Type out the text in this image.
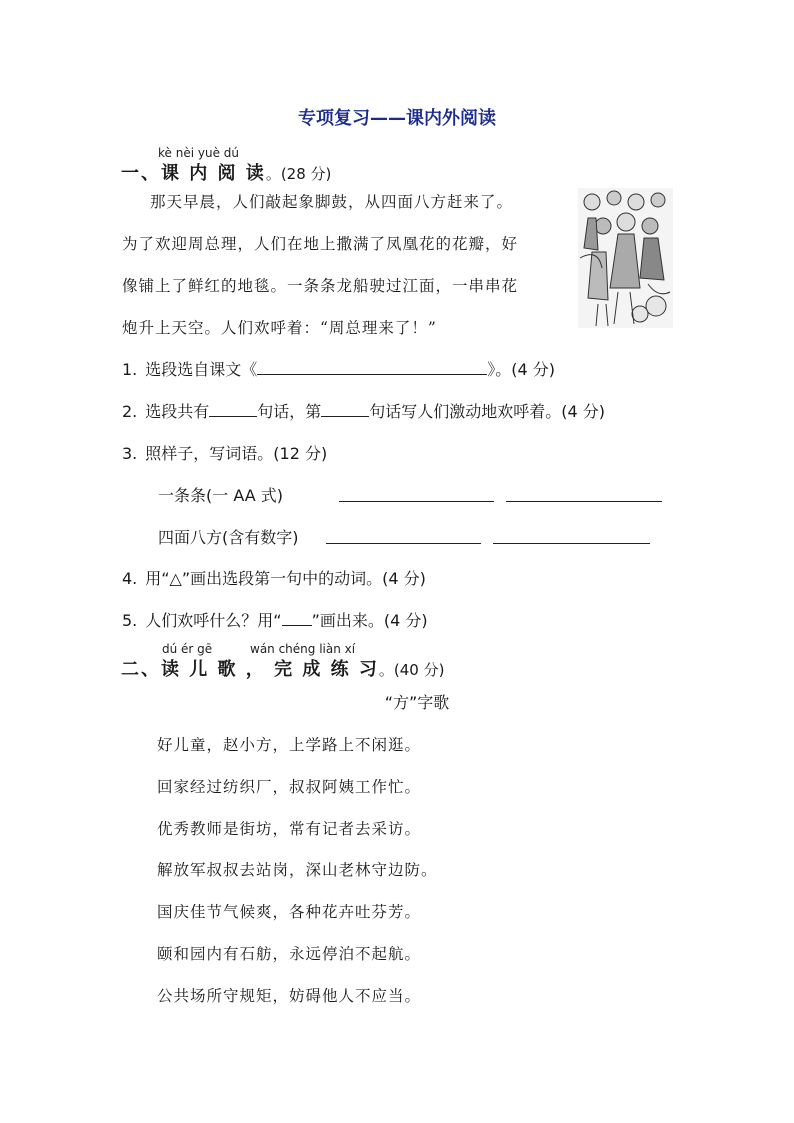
专项复习——课内外阅读
kè nèi yuè dú
一、课 内 阅 读。(28 分)
那天早晨，人们敲起象脚鼓，从四面八方赶来了。
为了欢迎周总理，人们在地上撒满了凤凰花的花瓣，好
像铺上了鲜红的地毯。一条条龙船驶过江面，一串串花
炮升上天空。人们欢呼着：“周总理来了！”
1. 选段选自课文《	》。(4 分)
2. 选段共有	句话，第	句话写人们激动地欢呼着。(4 分)
3. 照样子，写词语。(12 分)
一条条(一 AA 式)
四面八方(含有数字)
4. 用“△”画出选段第一句中的动词。(4 分)
5. 人们欢呼什么？用“ ”画出来。(4 分)
dú ér gē	wán chéng liàn xí
二、读 儿 歌 ， 完 成 练 习。(40 分)
“方”字歌
好儿童，赵小方，上学路上不闲逛。
回家经过纺织厂，叔叔阿姨工作忙。
优秀教师是街坊，常有记者去采访。
解放军叔叔去站岗，深山老林守边防。
国庆佳节气候爽，各种花卉吐芬芳。
颐和园内有石舫，永远停泊不起航。
公共场所守规矩，妨碍他人不应当。
